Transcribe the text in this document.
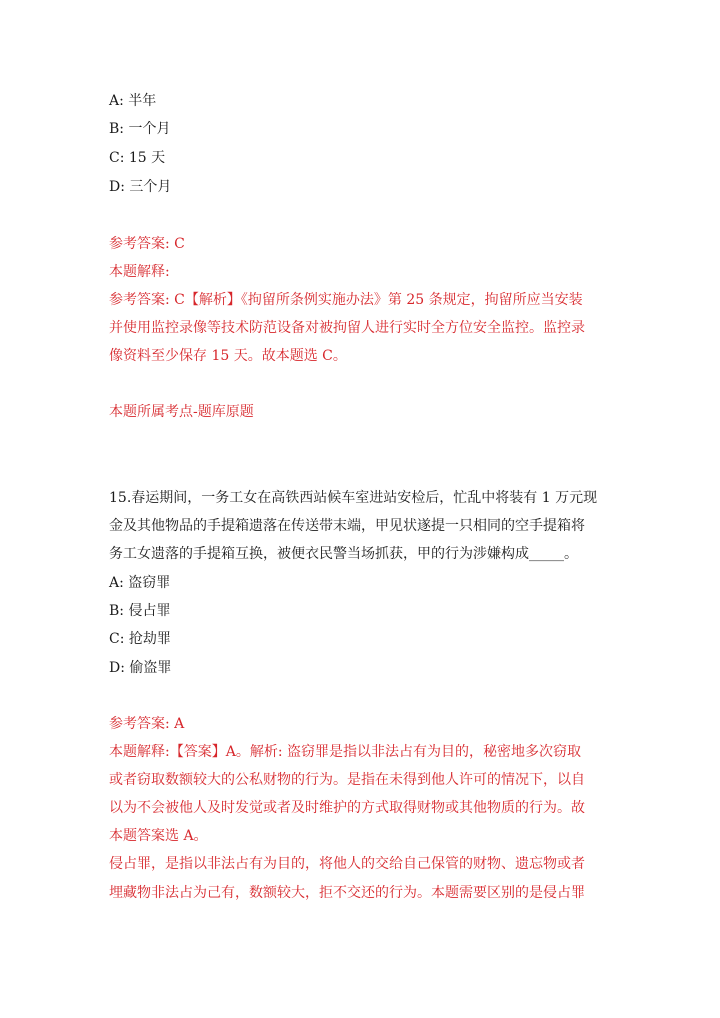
A: 半年
B: 一个月
C: 15 天
D: 三个月
参考答案: C
本题解释:
参考答案: C【解析】《拘留所条例实施办法》第 25 条规定，拘留所应当安装
并使用监控录像等技术防范设备对被拘留人进行实时全方位安全监控。监控录
像资料至少保存 15 天。故本题选 C。
本题所属考点-题库原题
15.春运期间，一务工女在高铁西站候车室进站安检后，忙乱中将装有 1 万元现
金及其他物品的手提箱遗落在传送带末端，甲见状遂提一只相同的空手提箱将
务工女遗落的手提箱互换，被便衣民警当场抓获，甲的行为涉嫌构成_____。
A: 盗窃罪
B: 侵占罪
C: 抢劫罪
D: 偷盗罪
参考答案: A
本题解释:【答案】A。解析: 盗窃罪是指以非法占有为目的，秘密地多次窃取
或者窃取数额较大的公私财物的行为。是指在未得到他人许可的情况下，以自
以为不会被他人及时发觉或者及时维护的方式取得财物或其他物质的行为。故
本题答案选 A。
侵占罪，是指以非法占有为目的，将他人的交给自己保管的财物、遗忘物或者
埋藏物非法占为己有，数额较大，拒不交还的行为。本题需要区别的是侵占罪
